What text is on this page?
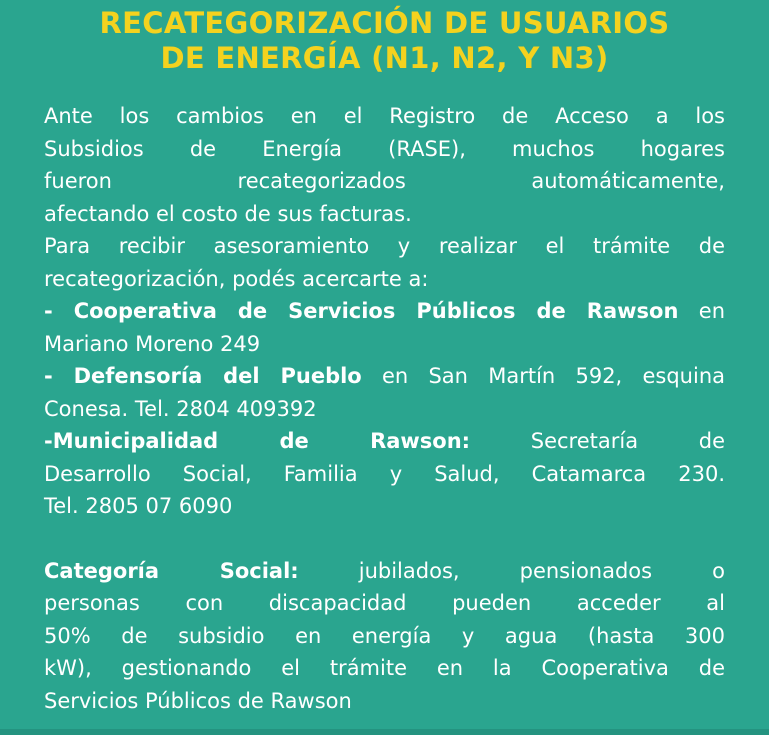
RECATEGORIZACIÓN DE USUARIOS
DE ENERGÍA (N1, N2, Y N3)
Ante los cambios en el Registro de Acceso a los
Subsidios de Energía (RASE), muchos hogares
fueron recategorizados automáticamente,
afectando el costo de sus facturas.
Para recibir asesoramiento y realizar el trámite de
recategorización, podés acercarte a:
- Cooperativa de Servicios Públicos de Rawson en
Mariano Moreno 249
- Defensoría del Pueblo en San Martín 592, esquina
Conesa. Tel. 2804 409392
-Municipalidad de Rawson: Secretaría de
Desarrollo Social, Familia y Salud, Catamarca 230.
Tel. 2805 07 6090
Categoría Social: jubilados, pensionados o
personas con discapacidad pueden acceder al
50% de subsidio en energía y agua (hasta 300
kW), gestionando el trámite en la Cooperativa de
Servicios Públicos de Rawson
